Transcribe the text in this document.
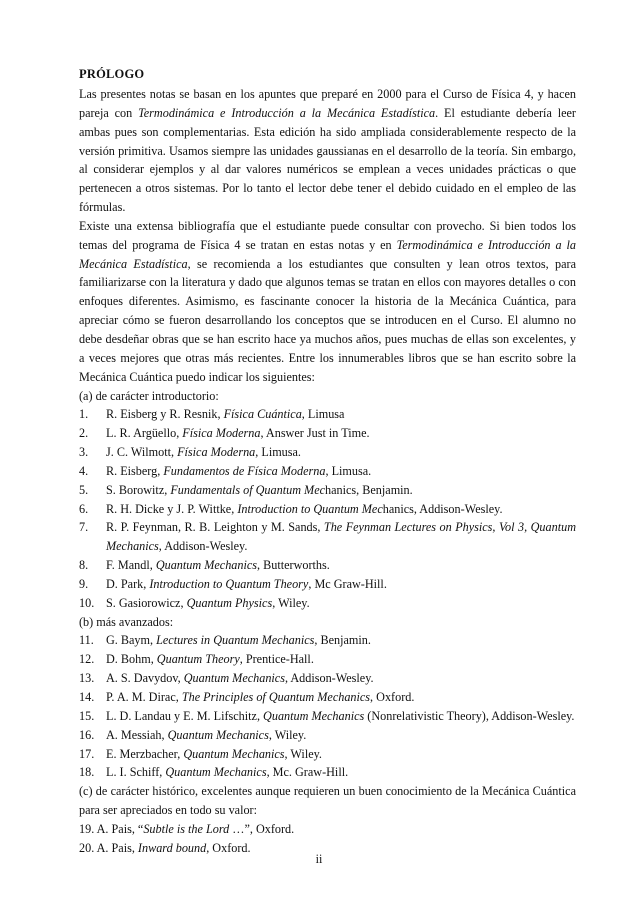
PRÓLOGO

Las presentes notas se basan en los apuntes que preparé en 2000 para el Curso de Física 4, y hacen pareja con Termodinámica e Introducción a la Mecánica Estadística. El estudiante debería leer ambas pues son complementarias. Esta edición ha sido ampliada considerablemente respecto de la versión primitiva. Usamos siempre las unidades gaussianas en el desarrollo de la teoría. Sin embargo, al considerar ejemplos y al dar valores numéricos se emplean a veces unidades prácticas o que pertenecen a otros sistemas. Por lo tanto el lector debe tener el debido cuidado en el empleo de las fórmulas.

Existe una extensa bibliografía que el estudiante puede consultar con provecho. Si bien todos los temas del programa de Física 4 se tratan en estas notas y en Termodinámica e Introducción a la Mecánica Estadística, se recomienda a los estudiantes que consulten y lean otros textos, para familiarizarse con la literatura y dado que algunos temas se tratan en ellos con mayores detalles o con enfoques diferentes. Asimismo, es fascinante conocer la historia de la Mecánica Cuántica, para apreciar cómo se fueron desarrollando los conceptos que se introducen en el Curso. El alumno no debe desdeñar obras que se han escrito hace ya muchos años, pues muchas de ellas son excelentes, y a veces mejores que otras más recientes. Entre los innumerables libros que se han escrito sobre la Mecánica Cuántica puedo indicar los siguientes:

(a) de carácter introductorio:

1.	R. Eisberg y R. Resnik, Física Cuántica, Limusa
2.	L. R. Argüello, Física Moderna, Answer Just in Time.
3.	J. C. Wilmott, Física Moderna, Limusa.
4.	R. Eisberg, Fundamentos de Física Moderna, Limusa.
5.	S. Borowitz, Fundamentals of Quantum Mechanics, Benjamin.
6.	R. H. Dicke y J. P. Wittke, Introduction to Quantum Mechanics, Addison-Wesley.
7.	R. P. Feynman, R. B. Leighton y M. Sands, The Feynman Lectures on Physics, Vol 3, Quantum Mechanics, Addison-Wesley.
8.	F. Mandl, Quantum Mechanics, Butterworths.
9.	D. Park, Introduction to Quantum Theory, Mc Graw-Hill.
10. S. Gasiorowicz, Quantum Physics, Wiley.

(b) más avanzados:

11.	G. Baym, Lectures in Quantum Mechanics, Benjamin.
12. D. Bohm, Quantum Theory, Prentice-Hall.
13. A. S. Davydov, Quantum Mechanics, Addison-Wesley.
14. P. A. M. Dirac, The Principles of Quantum Mechanics, Oxford.
15. L. D. Landau y E. M. Lifschitz, Quantum Mechanics (Nonrelativistic Theory), Addison-Wesley.
16. A. Messiah, Quantum Mechanics, Wiley.
17. E. Merzbacher, Quantum Mechanics, Wiley.
18. L. I. Schiff, Quantum Mechanics, Mc. Graw-Hill.

(c) de carácter histórico, excelentes aunque requieren un buen conocimiento de la Mecánica Cuántica para ser apreciados en todo su valor:

19. A. Pais, “Subtle is the Lord …”, Oxford.

20. A. Pais, Inward bound, Oxford.

ii
